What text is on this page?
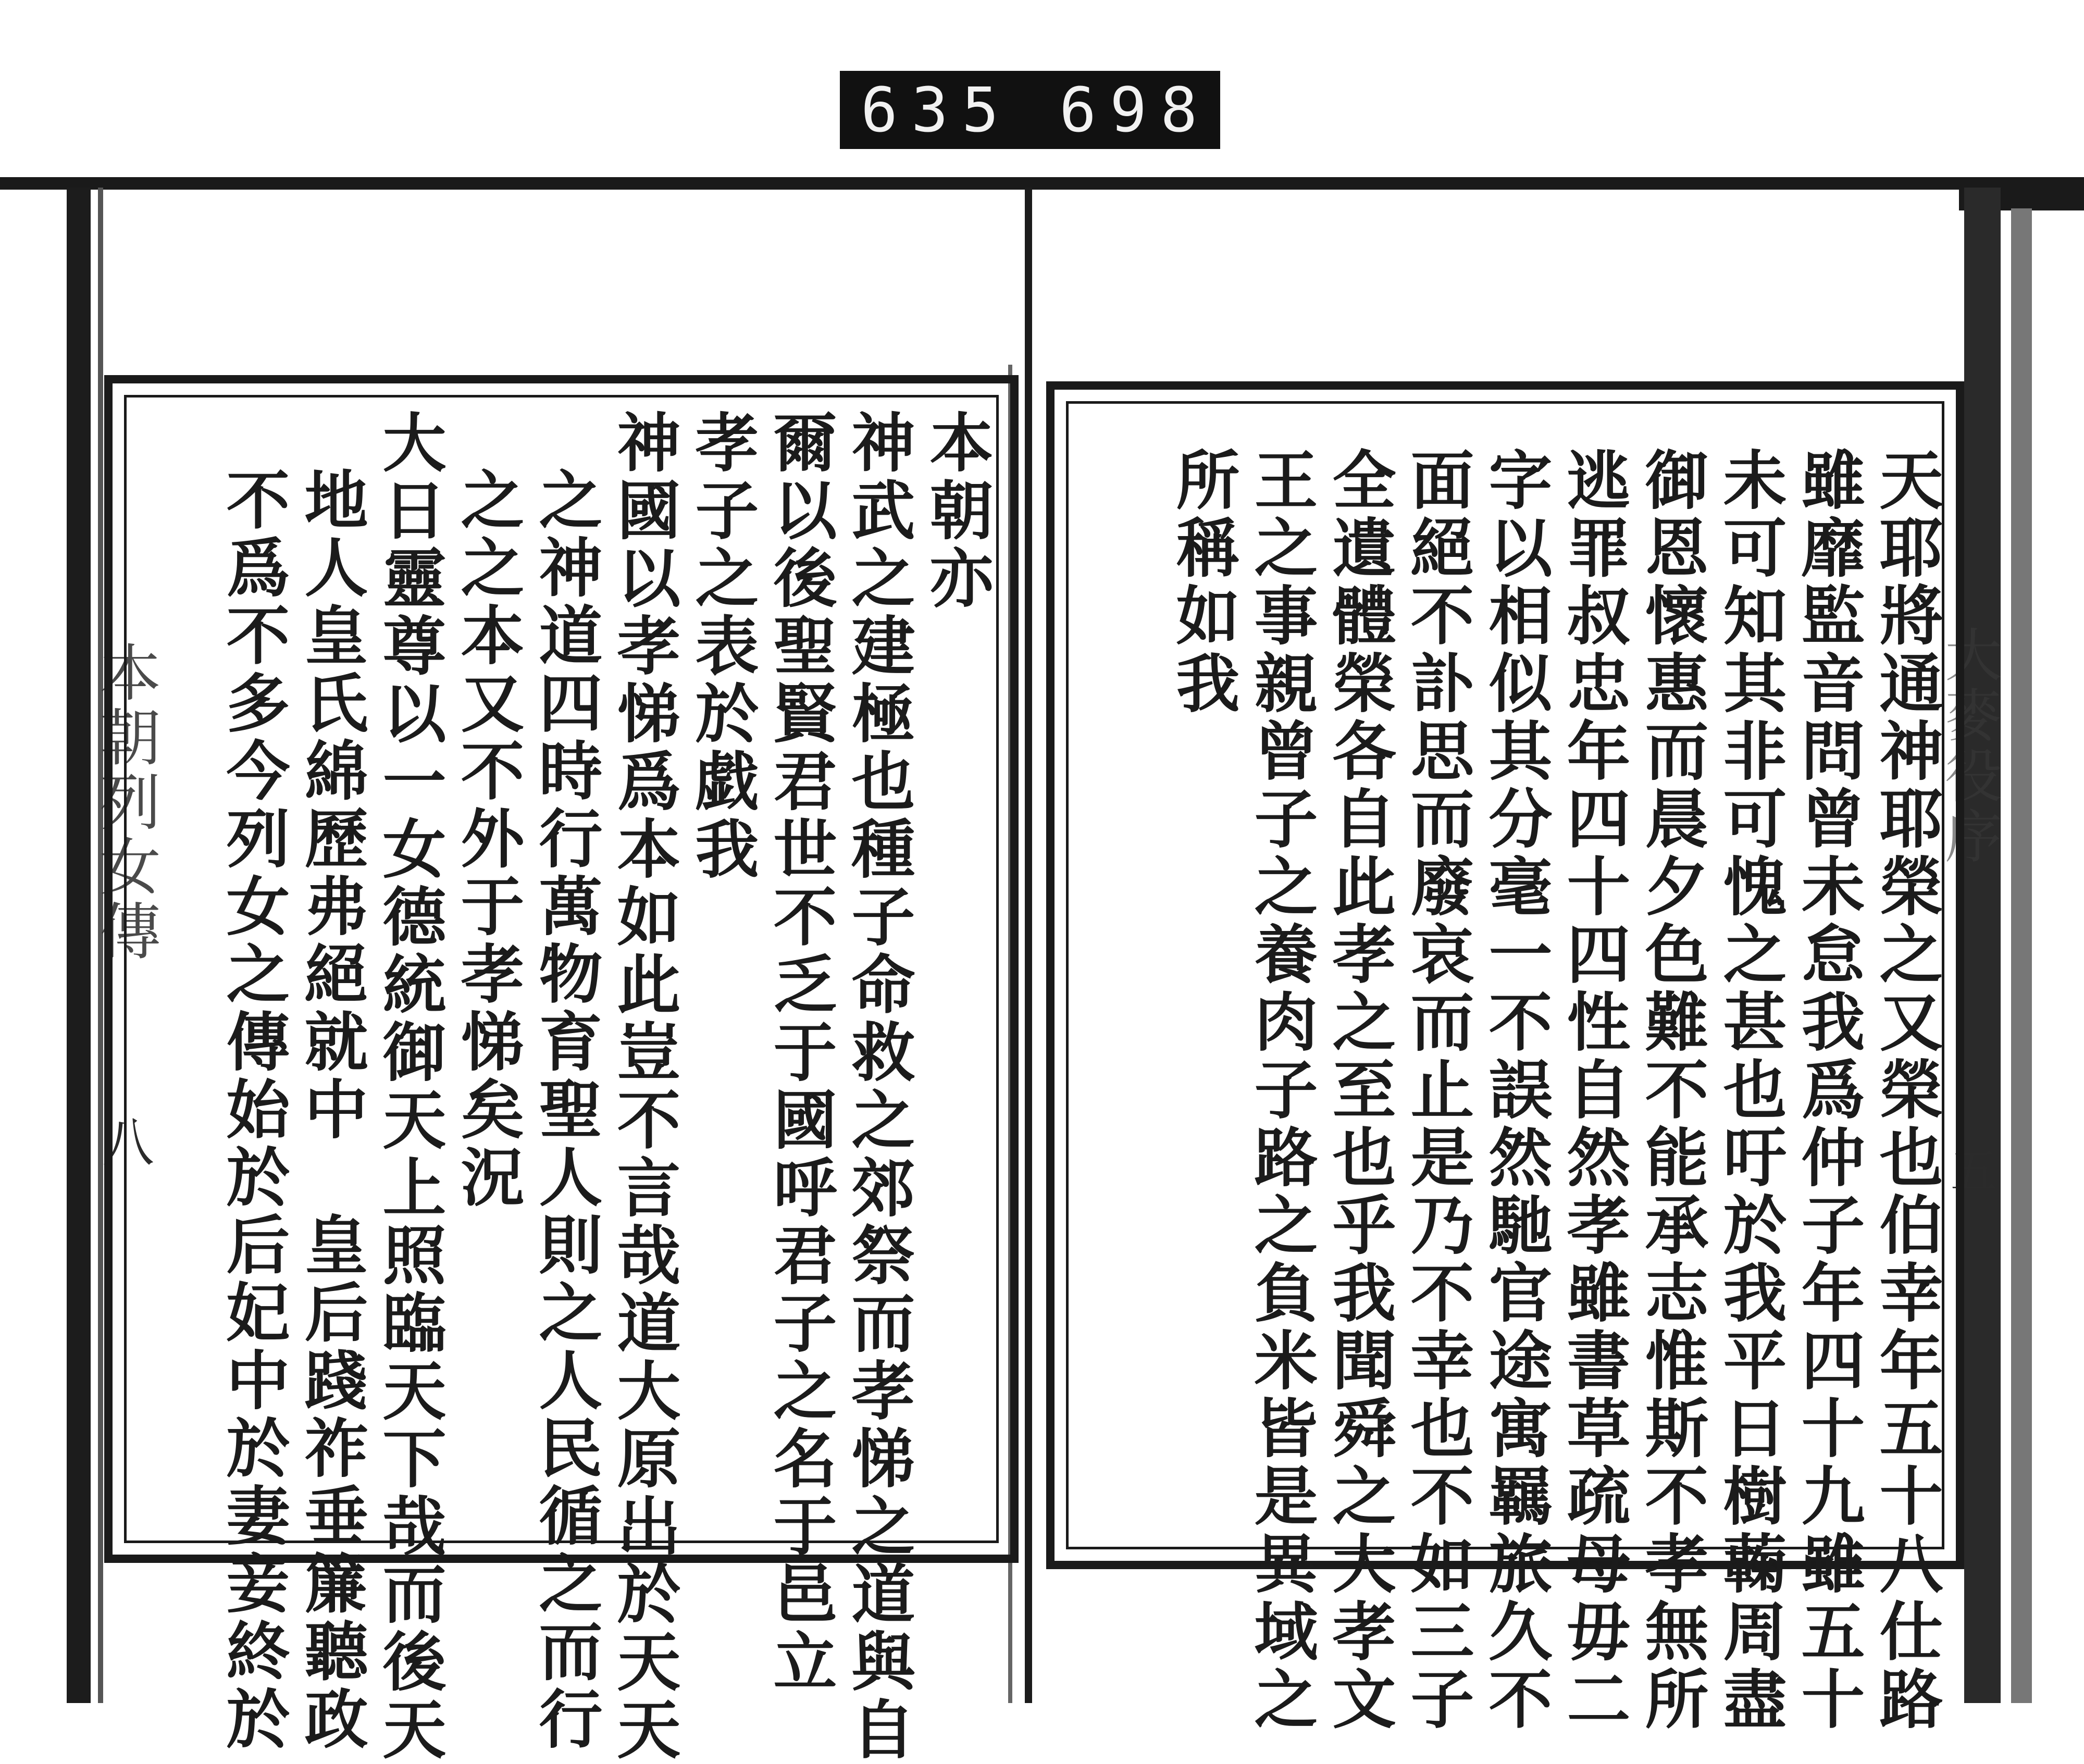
635 698
本朝列女傳
八
大麥役序
五
本朝亦
神武之建極也種子命救之郊祭而孝悌之道與自
爾以後聖賢君世不乏于國呼君子之名于邑立
孝子之表於戯我
神國以孝悌爲本如此豈不言哉道大原出於天天
之神道四時行萬物育聖人則之人民循之而行
之之本又不外于孝悌矣況
大日靈尊以一女德統御天上照臨天下哉而後天
地人皇氏綿歷弗絕就中　皇后踐祚垂簾聽政
不爲不多今列女之傳始於后妃中於妻妾終於	天耶將通神耶榮之又榮也伯幸年五十八仕路
雖靡監音問曾未怠我爲仲子年四十九雖五十
未可知其非可愧之甚也吁於我平日樹蘜周盡
御恩懷惠而晨夕色難不能承志惟斯不孝無所
逃罪叔忠年四十四性自然孝雖書草疏母毋二
字以相似其分毫一不誤然馳官途寓羈旅久不
面絕不訃思而廢哀而止是乃不幸也不如三子
全遺體榮各自此孝之至也乎我聞舜之大孝文
王之事親曾子之養肉子路之負米皆是異域之
所稱如我
